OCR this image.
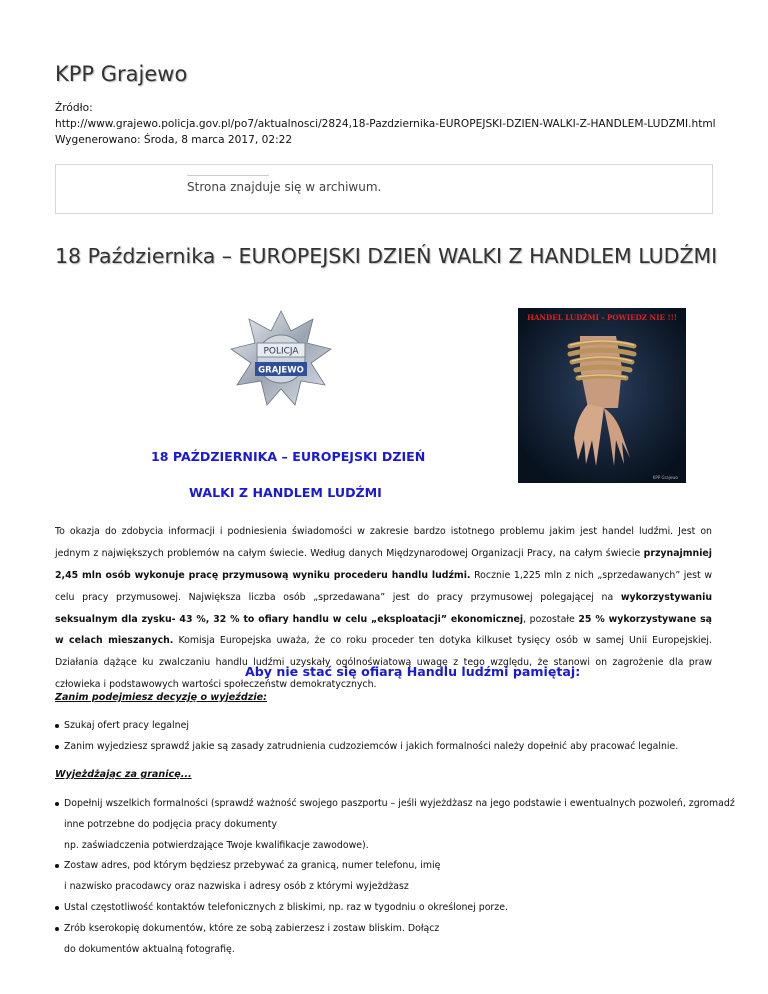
KPP Grajewo
Źródło:
http://www.grajewo.policja.gov.pl/po7/aktualnosci/2824,18-Pazdziernika-EUROPEJSKI-DZIEN-WALKI-Z-HANDLEM-LUDZMI.html
Wygenerowano: Środa, 8 marca 2017, 02:22
Strona znajduje się w archiwum.
18 Października – EUROPEJSKI DZIEŃ WALKI Z HANDLEM LUDŹMI
POLICJA
GRAJEWO
HANDEL LUDŹMI - POWIEDZ NIE !!!
KPP Grajewo
18 PAŹDZIERNIKA – EUROPEJSKI DZIEŃ
WALKI Z HANDLEM LUDŹMI

To okazja do zdobycia informacji i podniesienia świadomości w zakresie bardzo istotnego problemu jakim jest handel ludźmi. Jest on jednym z największych problemów na całym świecie. Według danych Międzynarodowej Organizacji Pracy, na całym świecie przynajmniej 2,45 mln osób wykonuje pracę przymusową wyniku procederu handlu ludźmi. Rocznie 1,225 mln z nich „sprzedawanych” jest w celu pracy przymusowej. Największa liczba osób „sprzedawana” jest do pracy przymusowej polegającej na wykorzystywaniu seksualnym dla zysku- 43 %, 32 % to ofiary handlu w celu „eksploatacji” ekonomicznej, pozostałe 25 % wykorzystywane są w celach mieszanych. Komisja Europejska uważa, że co roku proceder ten dotyka kilkuset tysięcy osób w samej Unii Europejskiej. Działania dążące ku zwalczaniu handlu ludźmi uzyskały ogólnoświatową uwagę z tego względu, że stanowi on zagrożenie dla praw człowieka i podstawowych wartości społeczeństw demokratycznych.

Aby nie stać się ofiarą Handlu ludźmi pamiętaj:
Zanim podejmiesz decyzję o wyjeździe:
Szukaj ofert pracy legalnej
Zanim wyjedziesz sprawdź jakie są zasady zatrudnienia cudzoziemców i jakich formalności należy dopełnić aby pracować legalnie.
Wyjeżdżając za granicę...
Dopełnij wszelkich formalności (sprawdź ważność swojego paszportu – jeśli wyjeżdżasz na jego podstawie i ewentualnych pozwoleń, zgromadź
inne potrzebne do podjęcia pracy dokumenty
np. zaświadczenia potwierdzające Twoje kwalifikacje zawodowe).
Zostaw adres, pod którym będziesz przebywać za granicą, numer telefonu, imię
i nazwisko pracodawcy oraz nazwiska i adresy osób z którymi wyjeżdżasz
Ustal częstotliwość kontaktów telefonicznych z bliskimi, np. raz w tygodniu o określonej porze.
Zrób kserokopię dokumentów, które ze sobą zabierzesz i zostaw bliskim. Dołącz
do dokumentów aktualną fotografię.
